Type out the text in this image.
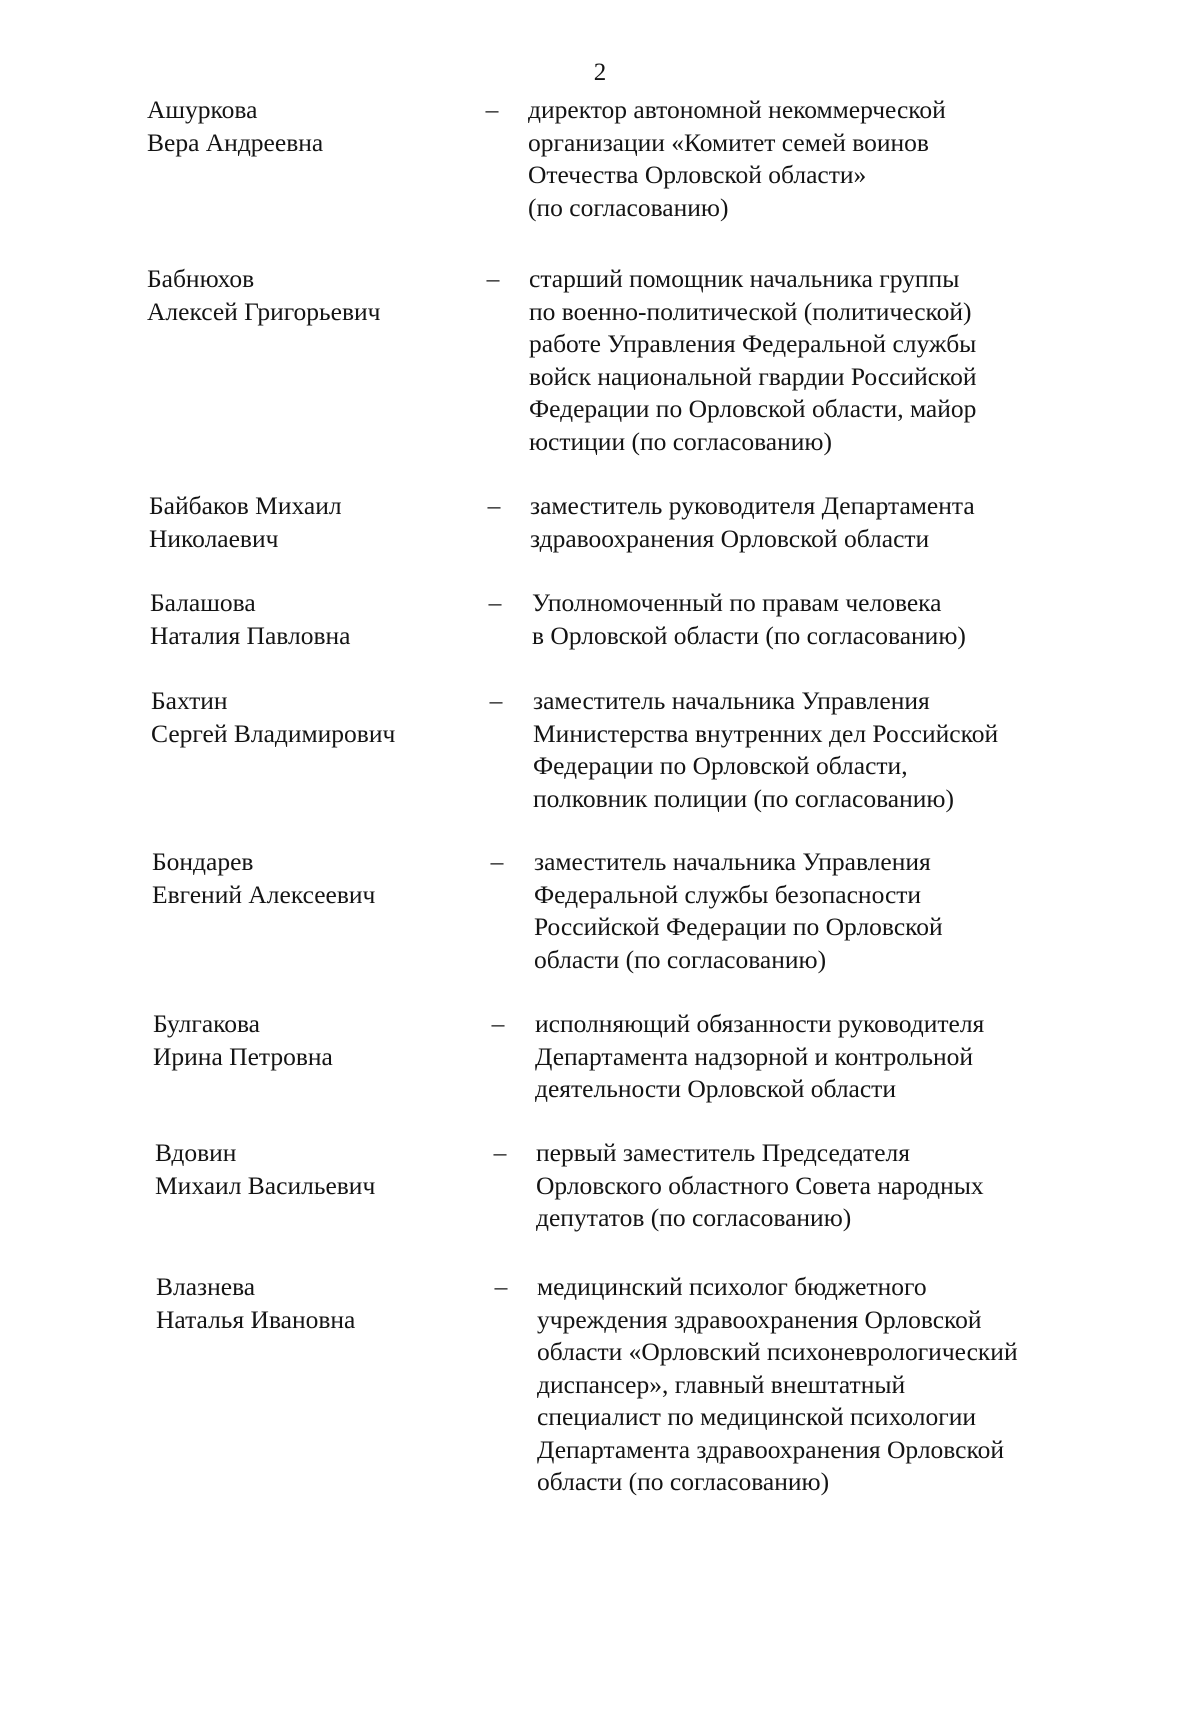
2
Ашуркова
Вера Андреевна
– директор автономной некоммерческой
организации «Комитет семей воинов
Отечества Орловской области»
(по согласованию)
Бабнюхов
Алексей Григорьевич
– старший помощник начальника группы
по военно-политической (политической)
работе Управления Федеральной службы
войск национальной гвардии Российской
Федерации по Орловской области, майор
юстиции (по согласованию)
Байбаков Михаил
Николаевич
– заместитель руководителя Департамента
здравоохранения Орловской области
Балашова
Наталия Павловна
– Уполномоченный по правам человека
в Орловской области (по согласованию)
Бахтин
Сергей Владимирович
– заместитель начальника Управления
Министерства внутренних дел Российской
Федерации по Орловской области,
полковник полиции (по согласованию)
Бондарев
Евгений Алексеевич
– заместитель начальника Управления
Федеральной службы безопасности
Российской Федерации по Орловской
области (по согласованию)
Булгакова
Ирина Петровна
– исполняющий обязанности руководителя
Департамента надзорной и контрольной
деятельности Орловской области
Вдовин
Михаил Васильевич
– первый заместитель Председателя
Орловского областного Совета народных
депутатов (по согласованию)
Влазнева
Наталья Ивановна
– медицинский психолог бюджетного
учреждения здравоохранения Орловской
области «Орловский психоневрологический
диспансер», главный внештатный
специалист по медицинской психологии
Департамента здравоохранения Орловской
области (по согласованию)
